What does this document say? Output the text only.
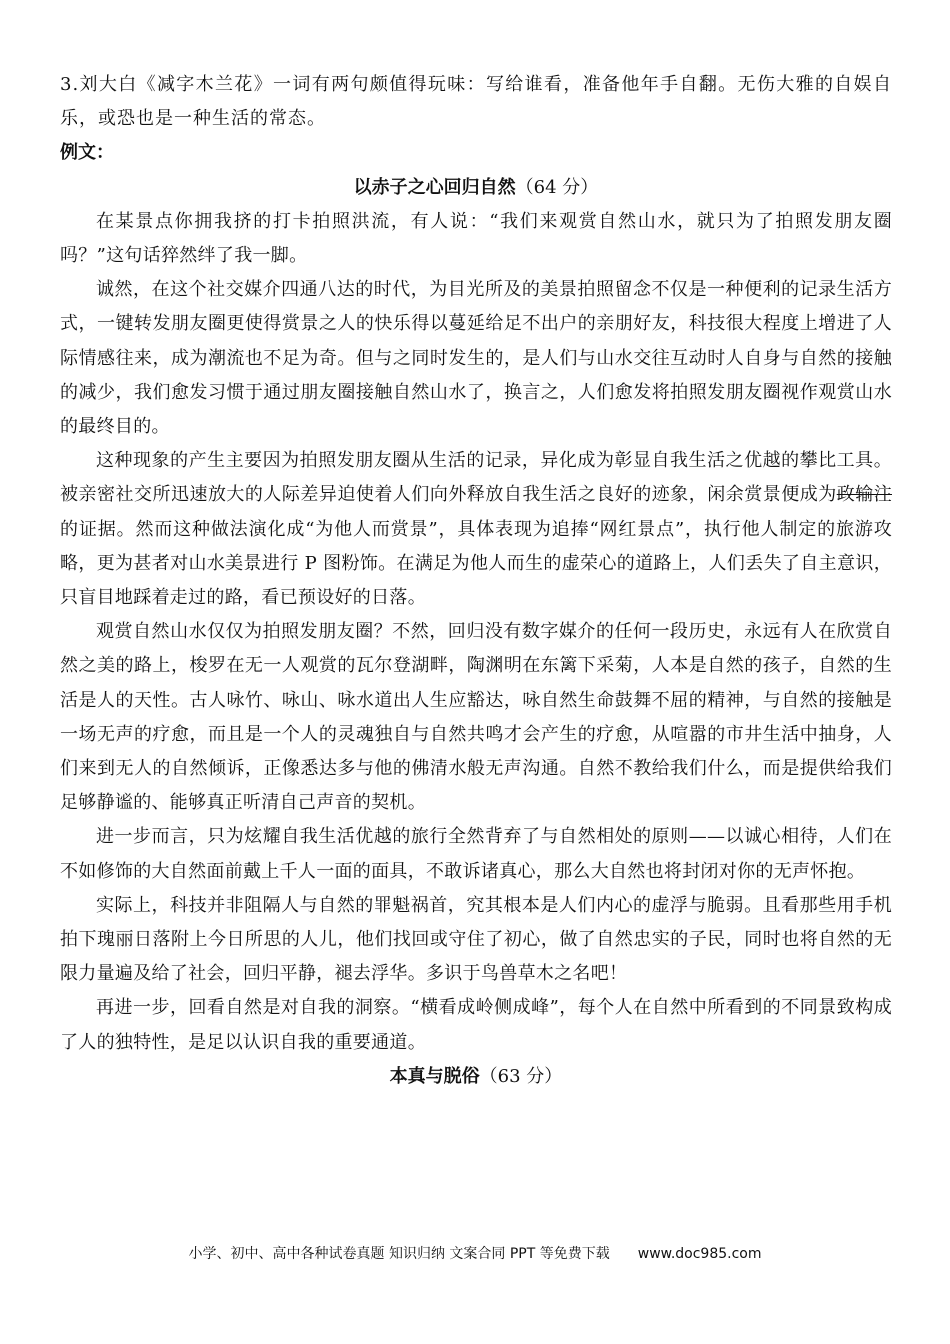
3.刘大白《减字木兰花》一词有两句颇值得玩味：写给谁看，准备他年手自翻。无伤大雅的自娱自乐，或恐也是一种生活的常态。

例文：

以赤子之心回归自然（64 分）

在某景点你拥我挤的打卡拍照洪流，有人说：“我们来观赏自然山水，就只为了拍照发朋友圈吗？”这句话猝然绊了我一脚。

诚然，在这个社交媒介四通八达的时代，为目光所及的美景拍照留念不仅是一种便利的记录生活方式，一键转发朋友圈更使得赏景之人的快乐得以蔓延给足不出户的亲朋好友，科技很大程度上增进了人际情感往来，成为潮流也不足为奇。但与之同时发生的，是人们与山水交往互动时人自身与自然的接触的减少，我们愈发习惯于通过朋友圈接触自然山水了，换言之，人们愈发将拍照发朋友圈视作观赏山水的最终目的。

这种现象的产生主要因为拍照发朋友圈从生活的记录，异化成为彰显自我生活之优越的攀比工具。被亲密社交所迅速放大的人际差异迫使着人们向外释放自我生活之良好的迹象，闲余赏景便成为政输注的证据。然而这种做法演化成“为他人而赏景”，具体表现为追捧“网红景点”，执行他人制定的旅游攻略，更为甚者对山水美景进行 P 图粉饰。在满足为他人而生的虚荣心的道路上，人们丢失了自主意识，只盲目地踩着走过的路，看已预设好的日落。

观赏自然山水仅仅为拍照发朋友圈？不然，回归没有数字媒介的任何一段历史，永远有人在欣赏自然之美的路上，梭罗在无一人观赏的瓦尔登湖畔，陶渊明在东篱下采菊，人本是自然的孩子，自然的生活是人的天性。古人咏竹、咏山、咏水道出人生应豁达，咏自然生命鼓舞不屈的精神，与自然的接触是一场无声的疗愈，而且是一个人的灵魂独自与自然共鸣才会产生的疗愈，从喧嚣的市井生活中抽身，人们来到无人的自然倾诉，正像悉达多与他的佛清水般无声沟通。自然不教给我们什么，而是提供给我们足够静谧的、能够真正听清自己声音的契机。

进一步而言，只为炫耀自我生活优越的旅行全然背弃了与自然相处的原则——以诚心相待，人们在不如修饰的大自然面前戴上千人一面的面具，不敢诉诸真心，那么大自然也将封闭对你的无声怀抱。

实际上，科技并非阻隔人与自然的罪魁祸首，究其根本是人们内心的虚浮与脆弱。且看那些用手机拍下瑰丽日落附上今日所思的人儿，他们找回或守住了初心，做了自然忠实的子民，同时也将自然的无限力量遍及给了社会，回归平静，褪去浮华。多识于鸟兽草木之名吧！

再进一步，回看自然是对自我的洞察。“横看成岭侧成峰”，每个人在自然中所看到的不同景致构成了人的独特性，是足以认识自我的重要通道。

本真与脱俗（63 分）

小学、初中、高中各种试卷真题 知识归纳 文案合同 PPT 等免费下载 www.doc985.com
